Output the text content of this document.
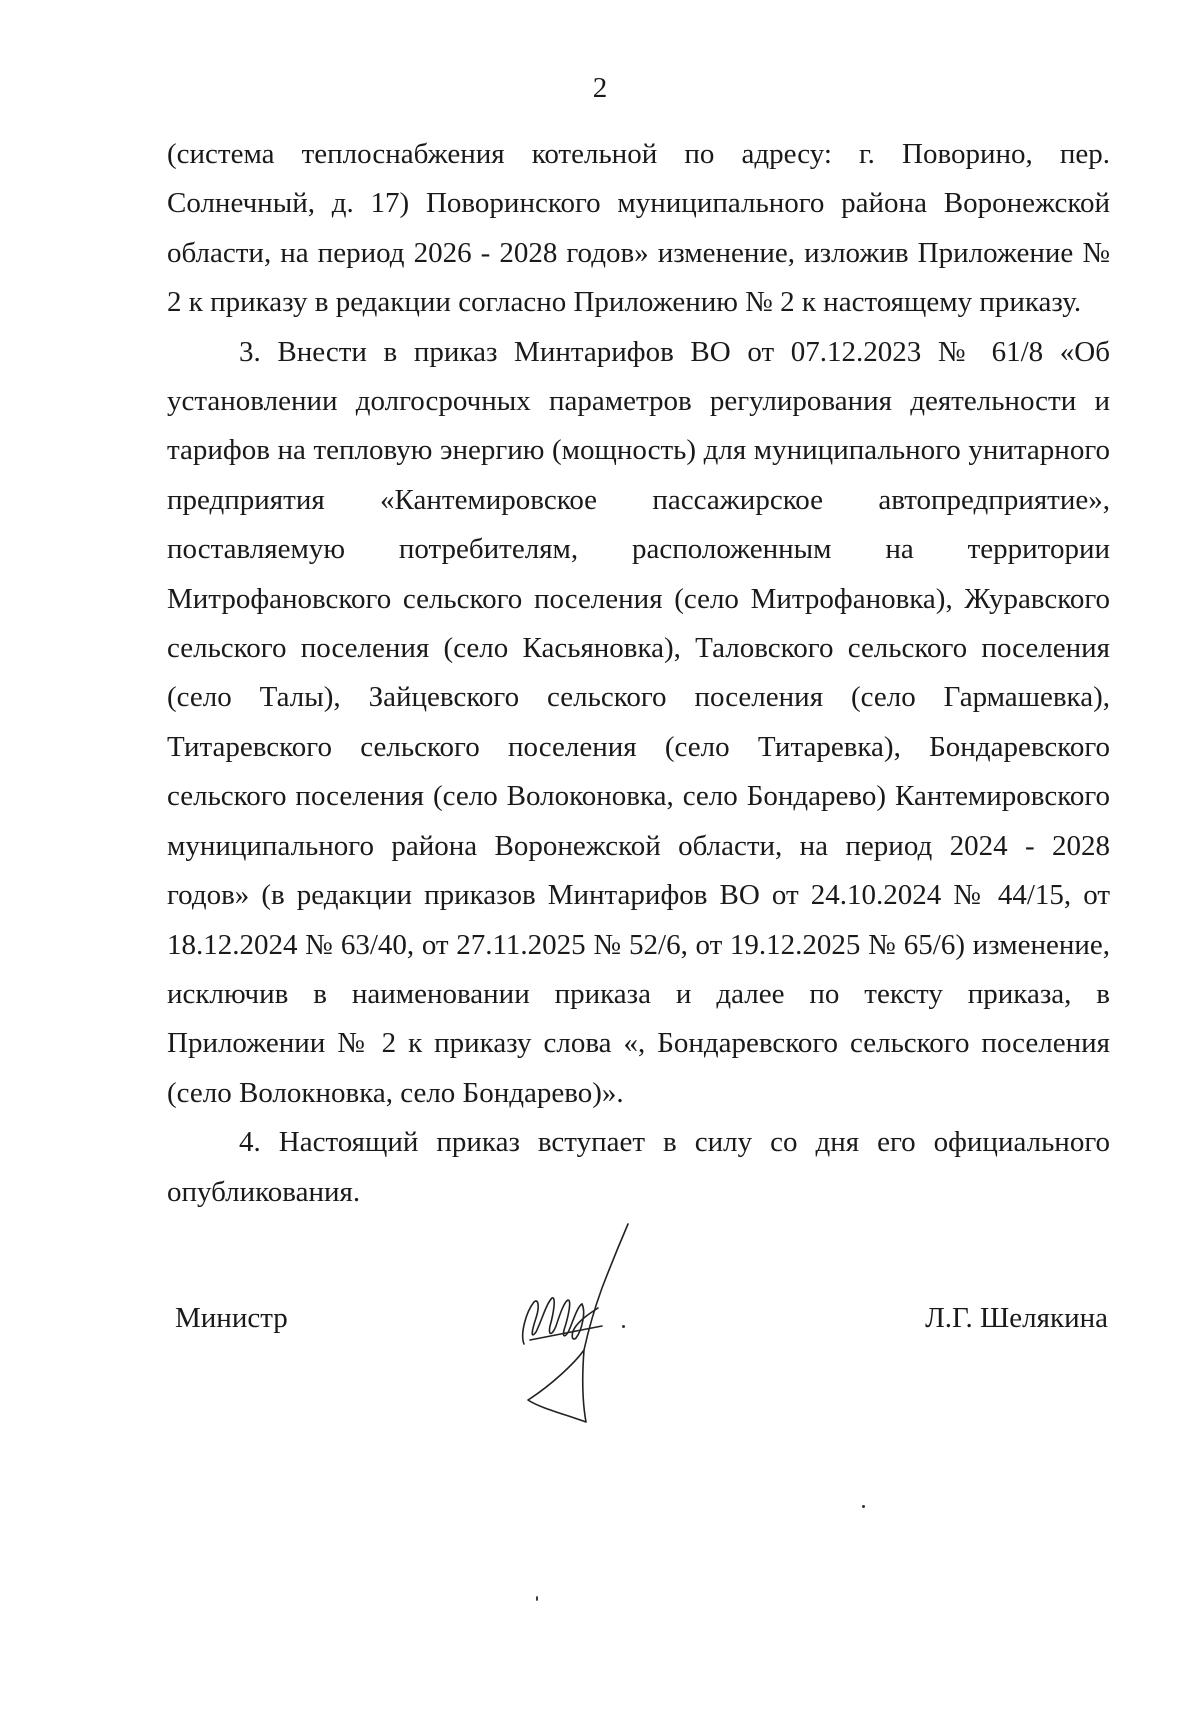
2

(система теплоснабжения котельной по адресу: г. Поворино, пер. Солнечный, д. 17) Поворинского муниципального района Воронежской области, на период 2026 - 2028 годов» изменение, изложив Приложение № 2 к приказу в редакции согласно Приложению № 2 к настоящему приказу.

3. Внести в приказ Минтарифов ВО от 07.12.2023 № 61/8 «Об установлении долгосрочных параметров регулирования деятельности и тарифов на тепловую энергию (мощность) для муниципального унитарного предприятия «Кантемировское пассажирское автопредприятие», поставляемую потребителям, расположенным на территории Митрофановского сельского поселения (село Митрофановка), Журавского сельского поселения (село Касьяновка), Таловского сельского поселения (село Талы), Зайцевского сельского поселения (село Гармашевка), Титаревского сельского поселения (село Титаревка), Бондаревского сельского поселения (село Волоконовка, село Бондарево) Кантемировского муниципального района Воронежской области, на период 2024 - 2028 годов» (в редакции приказов Минтарифов ВО от 24.10.2024 № 44/15, от 18.12.2024 № 63/40, от 27.11.2025 № 52/6, от 19.12.2025 № 65/6) изменение, исключив в наименовании приказа и далее по тексту приказа, в Приложении № 2 к приказу слова «, Бондаревского сельского поселения (село Волокновка, село Бондарево)».

4. Настоящий приказ вступает в силу со дня его официального опубликования.

Министр	Л.Г. Шелякина
